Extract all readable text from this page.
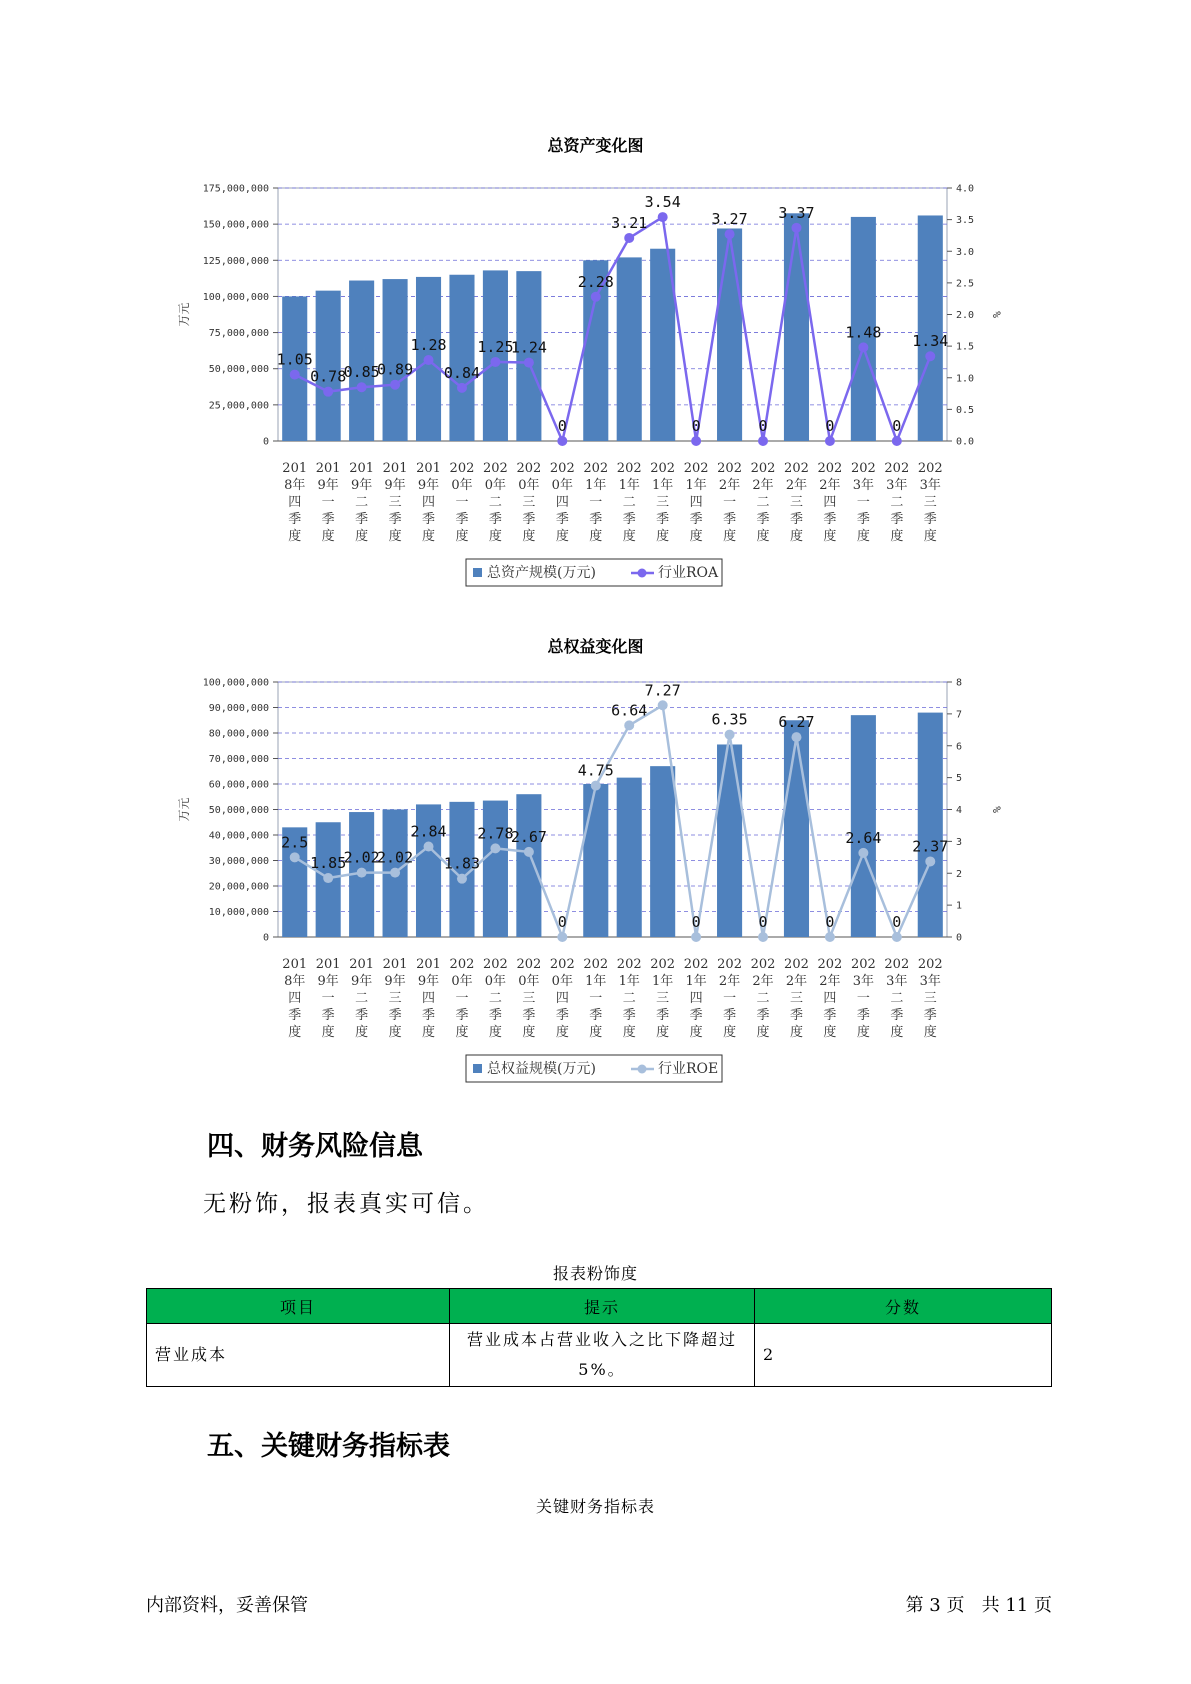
总资产变化图
0
25,000,000
50,000,000
75,000,000
100,000,000
125,000,000
150,000,000
175,000,000
0.0
0.5
1.0
1.5
2.0
2.5
3.0
3.5
4.0
万元	%
1.05
0.78
0.85
0.89
1.28
0.84
1.25
1.24
0
2.28
3.21
3.54
0
3.27
0
3.37
0
1.48
0
1.34
201
8年
四
季
度
201
9年
一
季
度
201
9年
二
季
度
201
9年
三
季
度
201
9年
四
季
度
202
0年
一
季
度
202
0年
二
季
度
202
0年
三
季
度
202
0年
四
季
度
202
1年
一
季
度
202
1年
二
季
度
202
1年
三
季
度
202
1年
四
季
度
202
2年
一
季
度
202
2年
二
季
度
202
2年
三
季
度
202
2年
四
季
度
202
3年
一
季
度
202
3年
二
季
度
202
3年
三
季
度
总资产规模(万元)	行业ROA
总权益变化图
0
10,000,000
20,000,000
30,000,000
40,000,000
50,000,000
60,000,000
70,000,000
80,000,000
90,000,000
100,000,000
0
1
2
3
4
5
6
7
8
万元	%
2.5
1.85
2.02
2.02
2.84
1.83
2.78
2.67
0
4.75
6.64
7.27
0
6.35
0
6.27
0
2.64
0
2.37
201
8年
四
季
度
201
9年
一
季
度
201
9年
二
季
度
201
9年
三
季
度
201
9年
四
季
度
202
0年
一
季
度
202
0年
二
季
度
202
0年
三
季
度
202
0年
四
季
度
202
1年
一
季
度
202
1年
二
季
度
202
1年
三
季
度
202
1年
四
季
度
202
2年
一
季
度
202
2年
二
季
度
202
2年
三
季
度
202
2年
四
季
度
202
3年
一
季
度
202
3年
二
季
度
202
3年
三
季
度
总权益规模(万元)	行业ROE
四、财务风险信息
无粉饰，报表真实可信。
报表粉饰度
项目	提示	分数
营业成本	营业成本占营业收入之比下降超过5%。	2
五、关键财务指标表
关键财务指标表
内部资料，妥善保管	第 3 页   共 11 页
